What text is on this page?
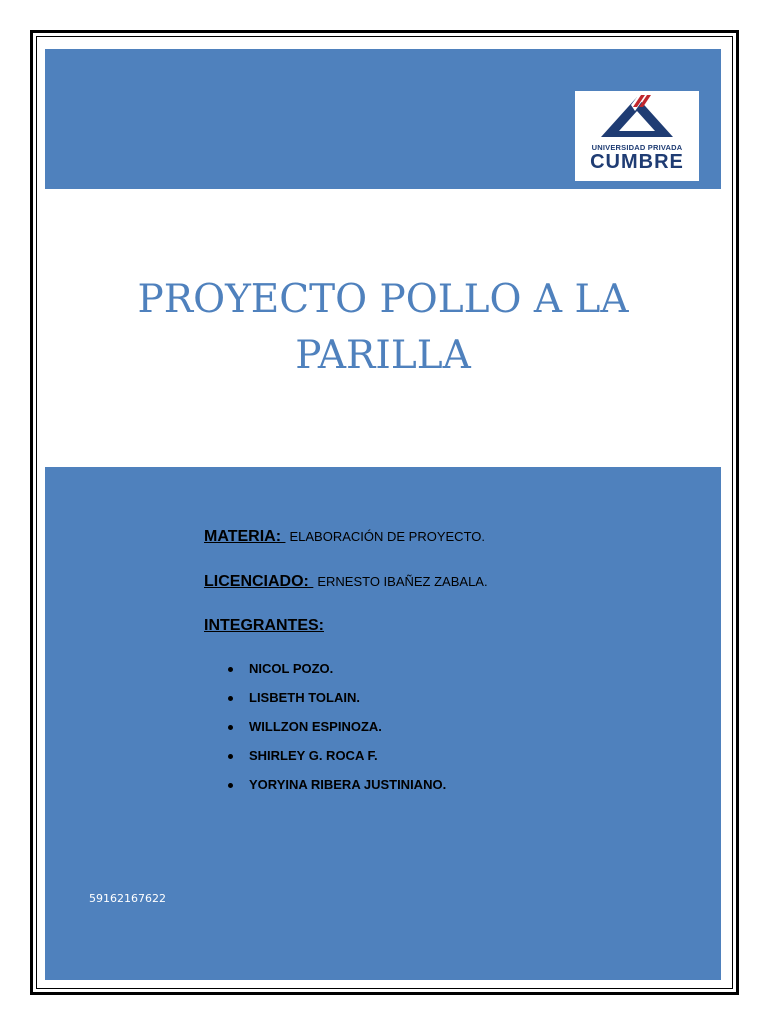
UNIVERSIDAD PRIVADA
CUMBRE
PROYECTO POLLO A LA
PARILLA
MATERIA: ELABORACIÓN DE PROYECTO.
LICENCIADO: ERNESTO IBAÑEZ ZABALA.
INTEGRANTES:
NICOL POZO.
LISBETH TOLAIN.
WILLZON ESPINOZA.
SHIRLEY G. ROCA F.
YORYINA RIBERA JUSTINIANO.
59162167622
